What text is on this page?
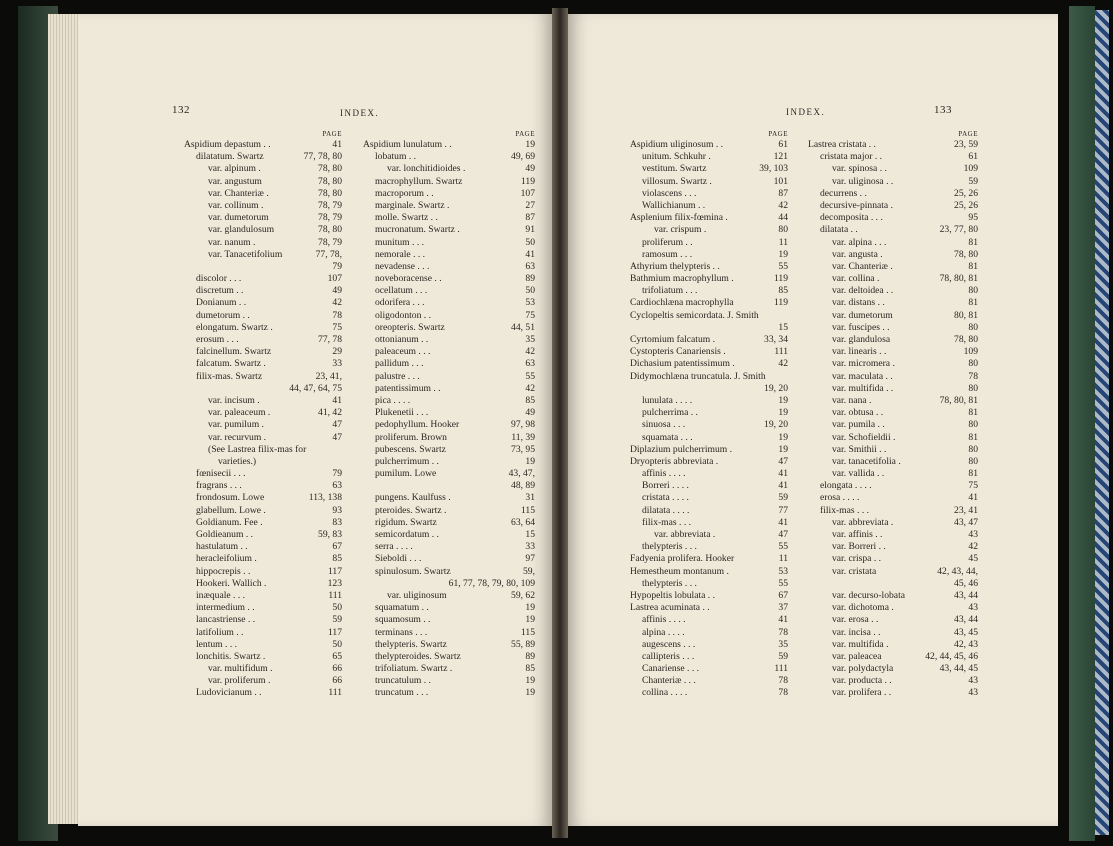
132	INDEX.
PAGE
Aspidium depastum . .	41
dilatatum. Swartz	77, 78, 80
var. alpinum .	78, 80
var. angustum	78, 80
var. Chanteriæ .	78, 80
var. collinum .	78, 79
var. dumetorum	78, 79
var. glandulosum	78, 80
var. nanum .	78, 79
var. Tanacetifolium	77, 78,
79
discolor . . .	107
discretum . .	49
Donianum . .	42
dumetorum . .	78
elongatum. Swartz .	75
erosum . . .	77, 78
falcinellum. Swartz	29
falcatum. Swartz .	33
filix-mas. Swartz	23, 41,
44, 47, 64, 75
var. incisum .	41
var. paleaceum .	41, 42
var. pumilum .	47
var. recurvum .	47
(See Lastrea filix-mas for
varieties.)
fœnisecii . . .	79
fragrans . . .	63
frondosum. Lowe	113, 138
glabellum. Lowe .	93
Goldianum. Fee .	83
Goldieanum . .	59, 83
hastulatum . .	67
heracleifolium .	85
hippocrepis . .	117
Hookeri. Wallich .	123
inæquale . . .	111
intermedium . .	50
lancastriense . .	59
latifolium . .	117
lentum . . .	50
lonchitis. Swartz .	65
var. multifidum .	66
var. proliferum .	66
Ludovicianum . .	111
PAGE
Aspidium lunulatum . .	19
lobatum . .	49, 69
var. lonchitidioides .	49
macrophyllum. Swartz	119
macroporum . .	107
marginale. Swartz .	27
molle. Swartz . .	87
mucronatum. Swartz .	91
munitum . . .	50
nemorale . . .	41
nevadense . . .	63
noveboracense . .	89
ocellatum . . .	50
odorifera . . .	53
oligodonton . .	75
oreopteris. Swartz	44, 51
ottonianum . .	35
paleaceum . . .	42
pallidum . . .	63
palustre . . .	55
patentissimum . .	42
pica . . . .	85
Plukenetii . . .	49
pedophyllum. Hooker	97, 98
proliferum. Brown	11, 39
pubescens. Swartz	73, 95
pulcherrimum . .	19
pumilum. Lowe	43, 47,
48, 89
pungens. Kaulfuss .	31
pteroides. Swartz .	115
rigidum. Swartz	63, 64
semicordatum . .	15
serra . . . .	33
Sieboldi . . .	97
spinulosum. Swartz	59,
61, 77, 78, 79, 80, 109
var. uliginosum	59, 62
squamatum . .	19
squamosum . .	19
terminans . . .	115
thelypteris. Swartz	55, 89
thelypteroides. Swartz	89
trifoliatum. Swartz .	85
truncatulum . .	19
truncatum . . .	19
INDEX.	133
PAGE
Aspidium uliginosum . .	61
unitum. Schkuhr .	121
vestitum. Swartz	39, 103
villosum. Swartz .	101
violascens . . .	87
Wallichianum . .	42
Asplenium filix-fœmina .	44
var. crispum .	80
proliferum . .	11
ramosum . . .	19
Athyrium thelypteris . .	55
Bathmium macrophyllum .	119
trifoliatum . . .	85
Cardiochlæna macrophylla	119
Cyclopeltis semicordata. J. Smith
15
Cyrtomium falcatum .	33, 34
Cystopteris Canariensis .	111
Dichasium patentissimum .	42
Didymochlæna truncatula. J. Smith
19, 20
lunulata . . . .	19
pulcherrima . .	19
sinuosa . . .	19, 20
squamata . . .	19
Diplazium pulcherrimum .	19
Dryopteris abbreviata .	47
affinis . . . .	41
Borreri . . . .	41
cristata . . . .	59
dilatata . . . .	77
filix-mas . . .	41
var. abbreviata .	47
thelypteris . . .	55
Fadyenia prolifera. Hooker	11
Hemestheum montanum .	53
thelypteris . . .	55
Hypopeltis lobulata . .	67
Lastrea acuminata . .	37
affinis . . . .	41
alpina . . . .	78
augescens . . .	35
callipteris . . .	59
Canariense . . .	111
Chanteriæ . . .	78
collina . . . .	78
PAGE
Lastrea cristata . .	23, 59
cristata major . .	61
var. spinosa . .	109
var. uliginosa . .	59
decurrens . .	25, 26
decursive-pinnata .	25, 26
decomposita . . .	95
dilatata . .	23, 77, 80
var. alpina . . .	81
var. angusta .	78, 80
var. Chanteriæ .	81
var. collina .	78, 80, 81
var. deltoidea . .	80
var. distans . .	81
var. dumetorum	80, 81
var. fuscipes . .	80
var. glandulosa	78, 80
var. linearis . .	109
var. micromera .	80
var. maculata . .	78
var. multifida . .	80
var. nana .	78, 80, 81
var. obtusa . .	81
var. pumila . .	80
var. Schofieldii .	81
var. Smithii . .	80
var. tanacetifolia .	80
var. vallida . .	81
elongata . . . .	75
erosa . . . .	41
filix-mas . . .	23, 41
var. abbreviata .	43, 47
var. affinis . .	43
var. Borreri . .	42
var. crispa . .	45
var. cristata	42, 43, 44,
45, 46
var. decurso-lobata	43, 44
var. dichotoma .	43
var. erosa . .	43, 44
var. incisa . .	43, 45
var. multifida .	42, 43
var. paleacea	42, 44, 45, 46
var. polydactyla	43, 44, 45
var. producta . .	43
var. prolifera . .	43
